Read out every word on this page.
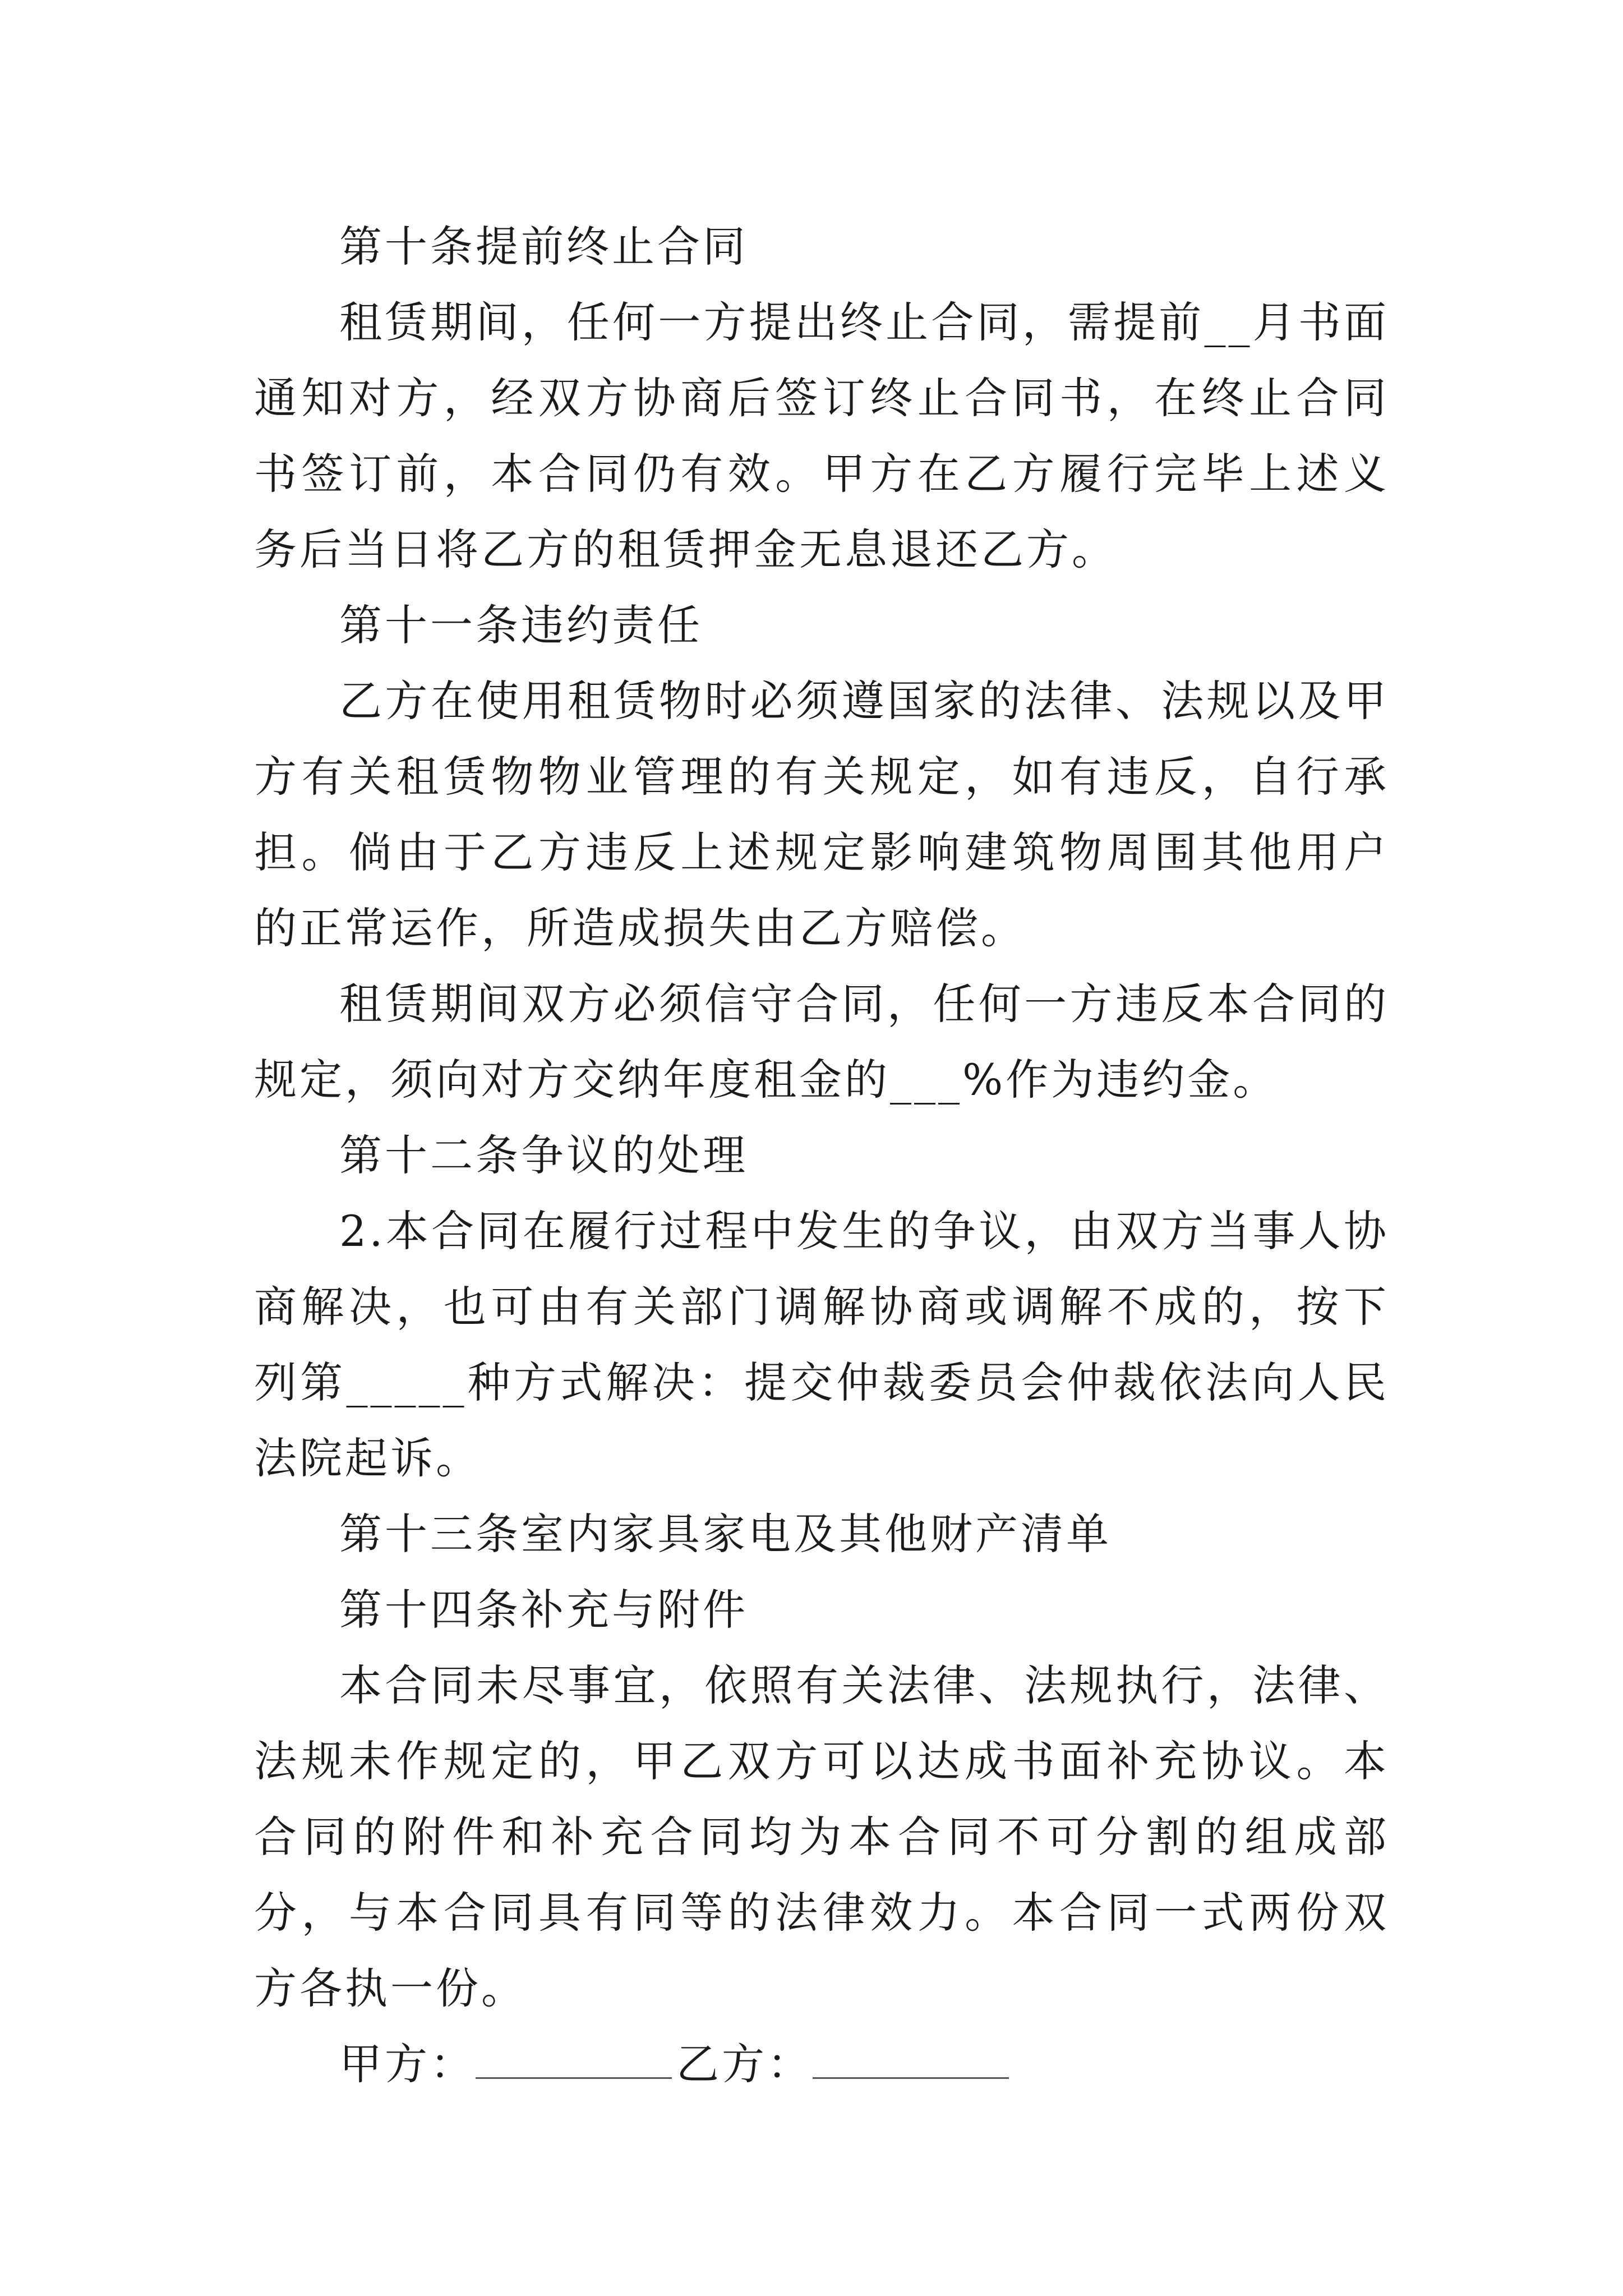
第十条提前终止合同

租赁期间，任何一方提出终止合同，需提前__月书面通知对方，经双方协商后签订终止合同书，在终止合同书签订前，本合同仍有效。甲方在乙方履行完毕上述义务后当日将乙方的租赁押金无息退还乙方。

第十一条违约责任

乙方在使用租赁物时必须遵国家的法律、法规以及甲方有关租赁物物业管理的有关规定，如有违反，自行承担。倘由于乙方违反上述规定影响建筑物周围其他用户的正常运作，所造成损失由乙方赔偿。

租赁期间双方必须信守合同，任何一方违反本合同的规定，须向对方交纳年度租金的___%作为违约金。

第十二条争议的处理

2.本合同在履行过程中发生的争议，由双方当事人协商解决，也可由有关部门调解协商或调解不成的，按下列第_____种方式解决：提交仲裁委员会仲裁依法向人民法院起诉。

第十三条室内家具家电及其他财产清单

第十四条补充与附件

本合同未尽事宜，依照有关法律、法规执行，法律、法规未作规定的，甲乙双方可以达成书面补充协议。本合同的附件和补充合同均为本合同不可分割的组成部分，与本合同具有同等的法律效力。本合同一式两份双方各执一份。

甲方：	乙方：
